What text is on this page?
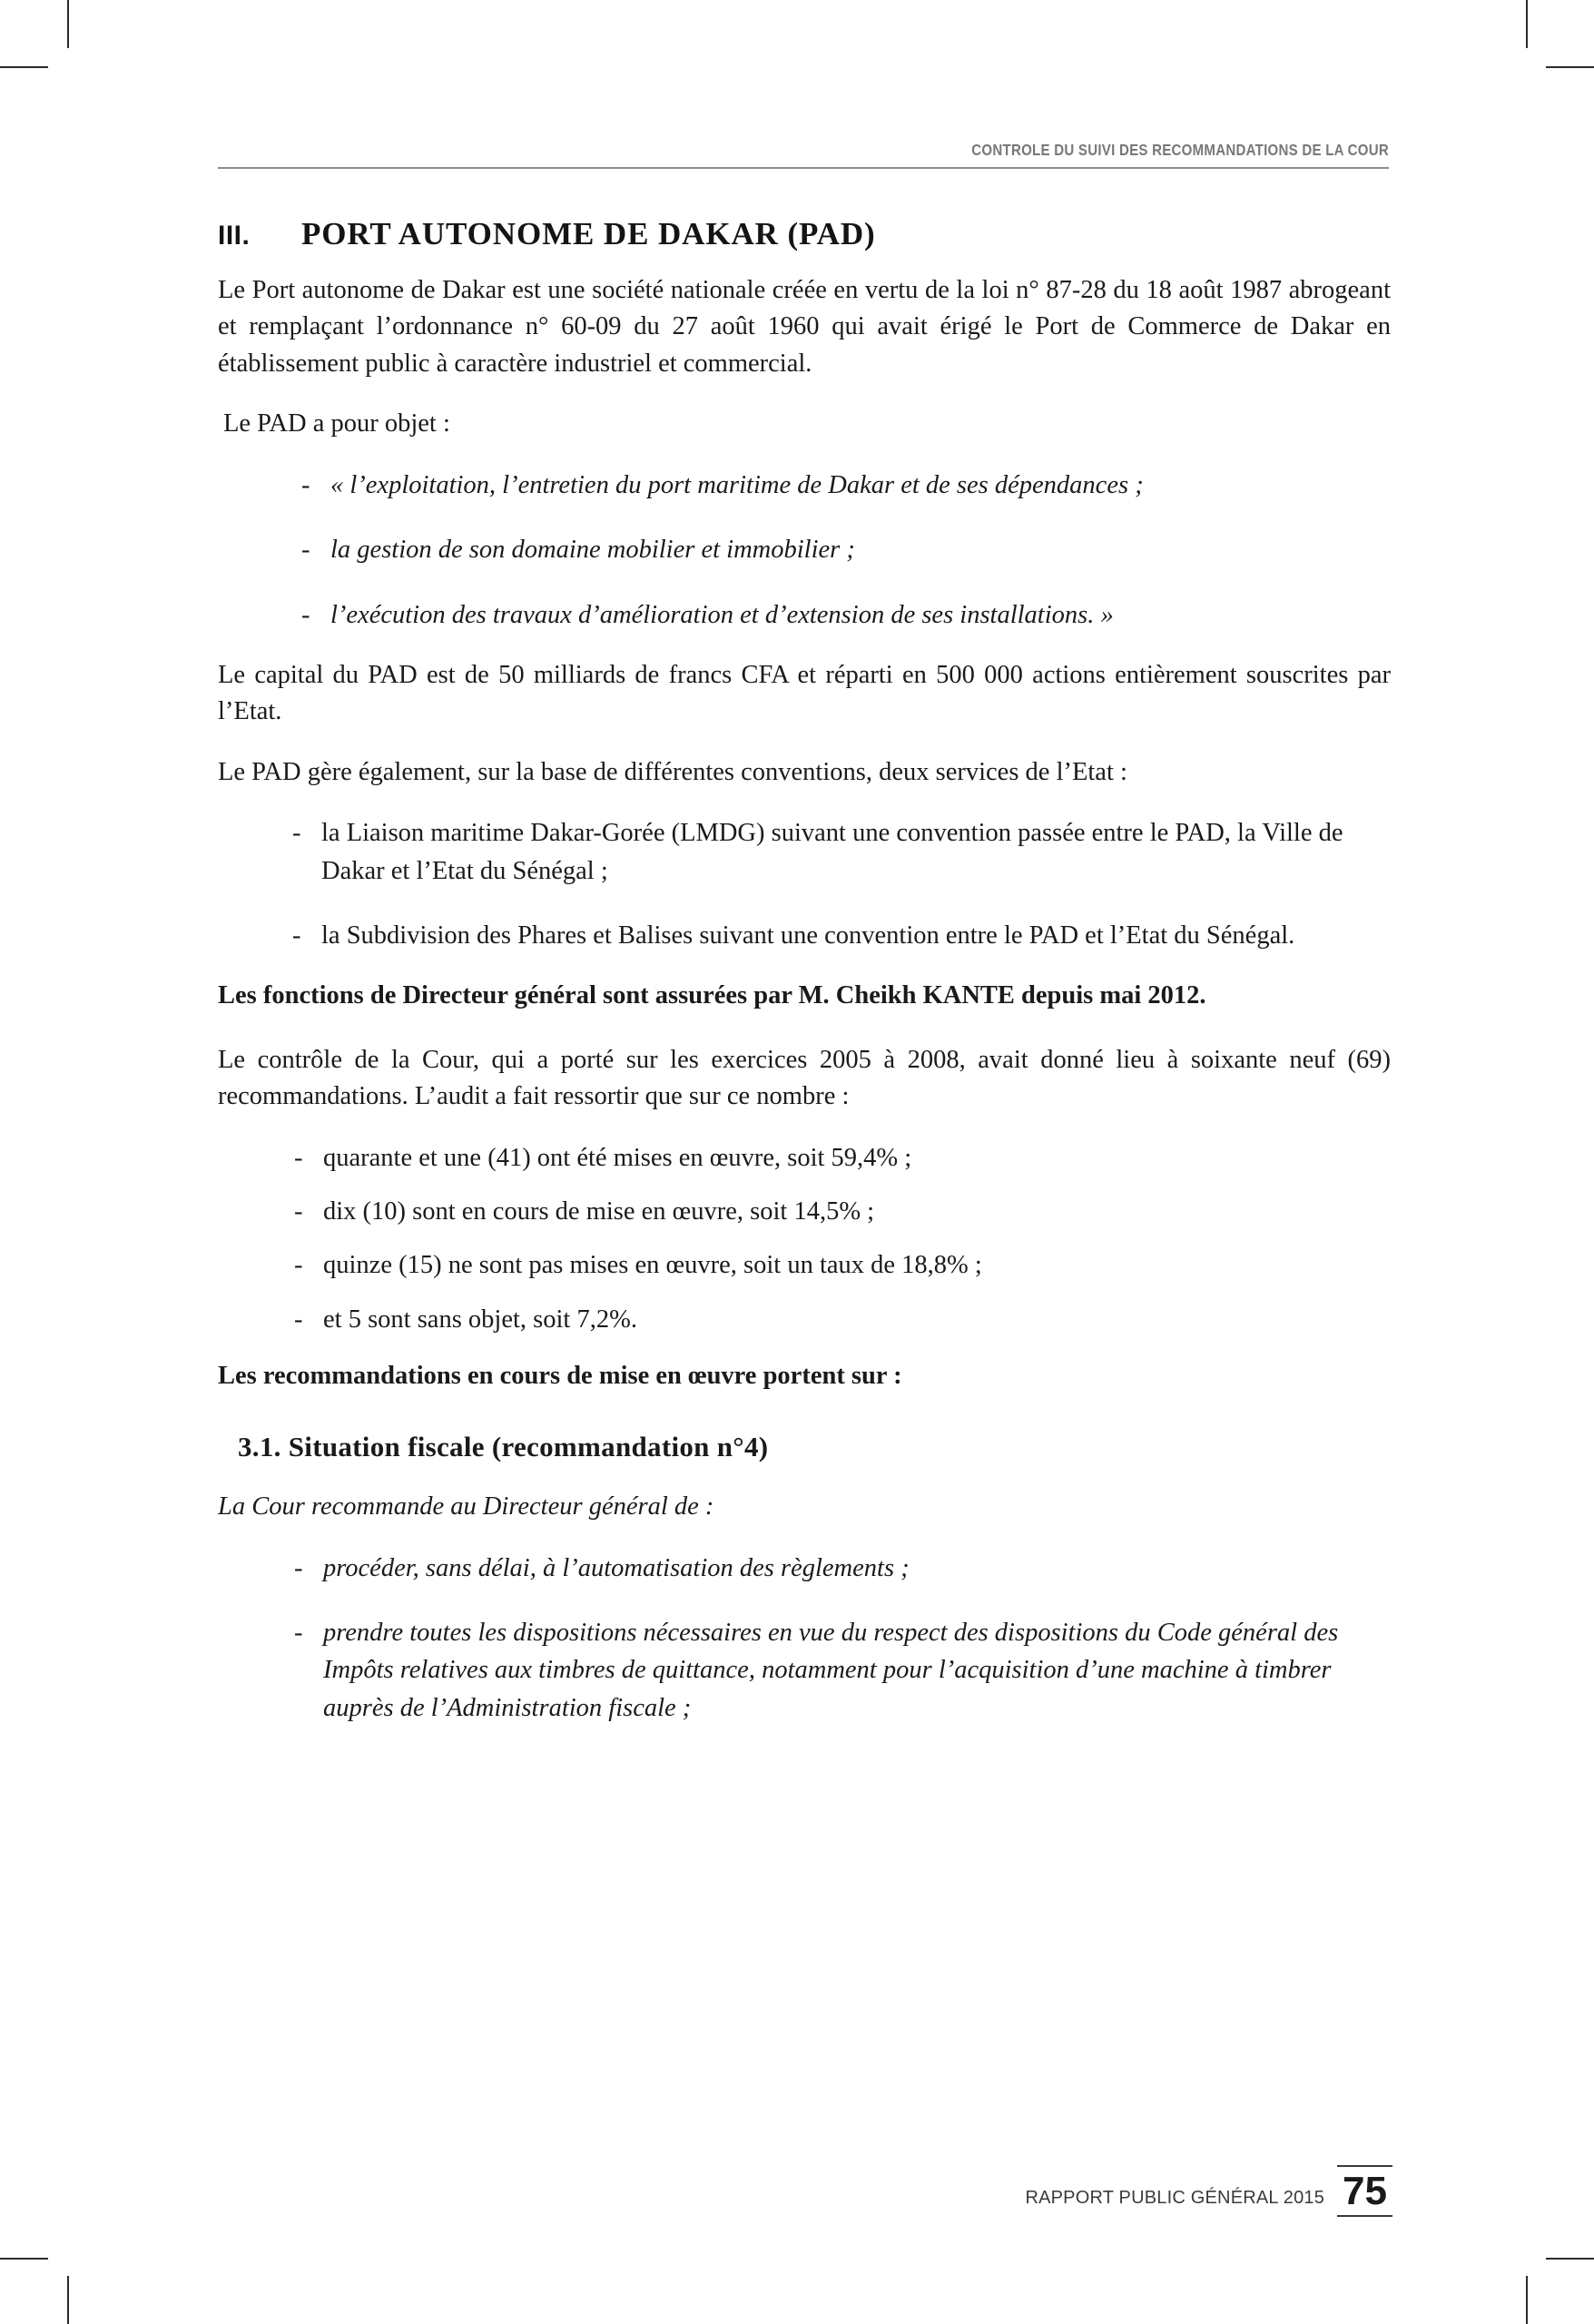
CONTROLE DU SUIVI DES RECOMMANDATIONS DE LA COUR
III.	PORT AUTONOME DE DAKAR (PAD)

Le Port autonome de Dakar est une société nationale créée en vertu de la loi n° 87-28 du 18 août 1987 abrogeant et remplaçant l’ordonnance n° 60-09 du 27 août 1960 qui avait érigé le Port de Commerce de Dakar en établissement public à caractère industriel et commercial.

Le PAD a pour objet :

- « l’exploitation, l’entretien du port maritime de Dakar et de ses dépendances ;
- la gestion de son domaine mobilier et immobilier ;
- l’exécution des travaux d’amélioration et d’extension de ses installations. »

Le capital du PAD est de 50 milliards de francs CFA et réparti en 500 000 actions entièrement souscrites par l’Etat.

Le PAD gère également, sur la base de différentes conventions, deux services de l’Etat :

- la Liaison maritime Dakar-Gorée (LMDG) suivant une convention passée entre le PAD, la Ville de Dakar et l’Etat du Sénégal ;
- la Subdivision des Phares et Balises suivant une convention entre le PAD et l’Etat du Sénégal.

Les fonctions de Directeur général sont assurées par M. Cheikh KANTE depuis mai 2012.

Le contrôle de la Cour, qui a porté sur les exercices 2005 à 2008, avait donné lieu à soixante neuf (69) recommandations. L’audit a fait ressortir que sur ce nombre :

- quarante et une (41) ont été mises en œuvre, soit 59,4% ;
- dix (10) sont en cours de mise en œuvre, soit 14,5% ;
- quinze (15) ne sont pas mises en œuvre, soit un taux de 18,8% ;
- et 5 sont sans objet, soit 7,2%.

Les recommandations en cours de mise en œuvre portent sur :

3.1. Situation fiscale (recommandation n°4)

La Cour recommande au Directeur général de :

- procéder, sans délai, à l’automatisation des règlements ;
- prendre toutes les dispositions nécessaires en vue du respect des dispositions du Code général des Impôts relatives aux timbres de quittance, notamment pour l’acquisition d’une machine à timbrer auprès de l’Administration fiscale ;
RAPPORT PUBLIC GÉNÉRAL 2015 75
